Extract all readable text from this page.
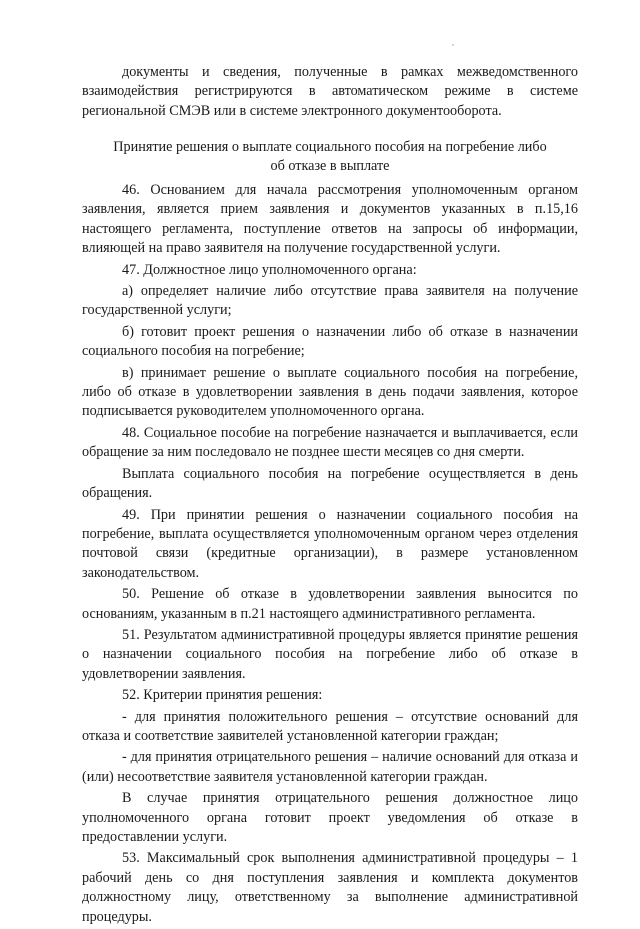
документы и сведения, полученные в рамках межведомственного взаимодействия регистрируются в автоматическом режиме в системе региональной СМЭВ или в системе электронного документооборота.

Принятие решения о выплате социального пособия на погребение либо
об отказе в выплате

46. Основанием для начала рассмотрения уполномоченным органом заявления, является прием заявления и документов указанных в п.15,16 настоящего регламента, поступление ответов на запросы об информации, влияющей на право заявителя на получение государственной услуги.

47. Должностное лицо уполномоченного органа:

а) определяет наличие либо отсутствие права заявителя на получение государственной услуги;

б) готовит проект решения о назначении либо об отказе в назначении социального пособия на погребение;

в) принимает решение о выплате социального пособия на погребение, либо об отказе в удовлетворении заявления в день подачи заявления, которое подписывается руководителем уполномоченного органа.

48. Социальное пособие на погребение назначается и выплачивается, если обращение за ним последовало не позднее шести месяцев со дня смерти.

Выплата социального пособия на погребение осуществляется в день обращения.

49. При принятии решения о назначении социального пособия на погребение, выплата осуществляется уполномоченным органом через отделения почтовой связи (кредитные организации), в размере установленном законодательством.

50. Решение об отказе в удовлетворении заявления выносится по основаниям, указанным в п.21 настоящего административного регламента.

51. Результатом административной процедуры является принятие решения о назначении социального пособия на погребение либо об отказе в удовлетворении заявления.

52. Критерии принятия решения:

- для принятия положительного решения – отсутствие оснований для отказа и соответствие заявителей установленной категории граждан;

- для принятия отрицательного решения – наличие оснований для отказа и (или) несоответствие заявителя установленной категории граждан.

В случае принятия отрицательного решения должностное лицо уполномоченного органа готовит проект уведомления об отказе в предоставлении услуги.

53. Максимальный срок выполнения административной процедуры – 1 рабочий день со дня поступления заявления и комплекта документов должностному лицу, ответственному за выполнение административной процедуры.
